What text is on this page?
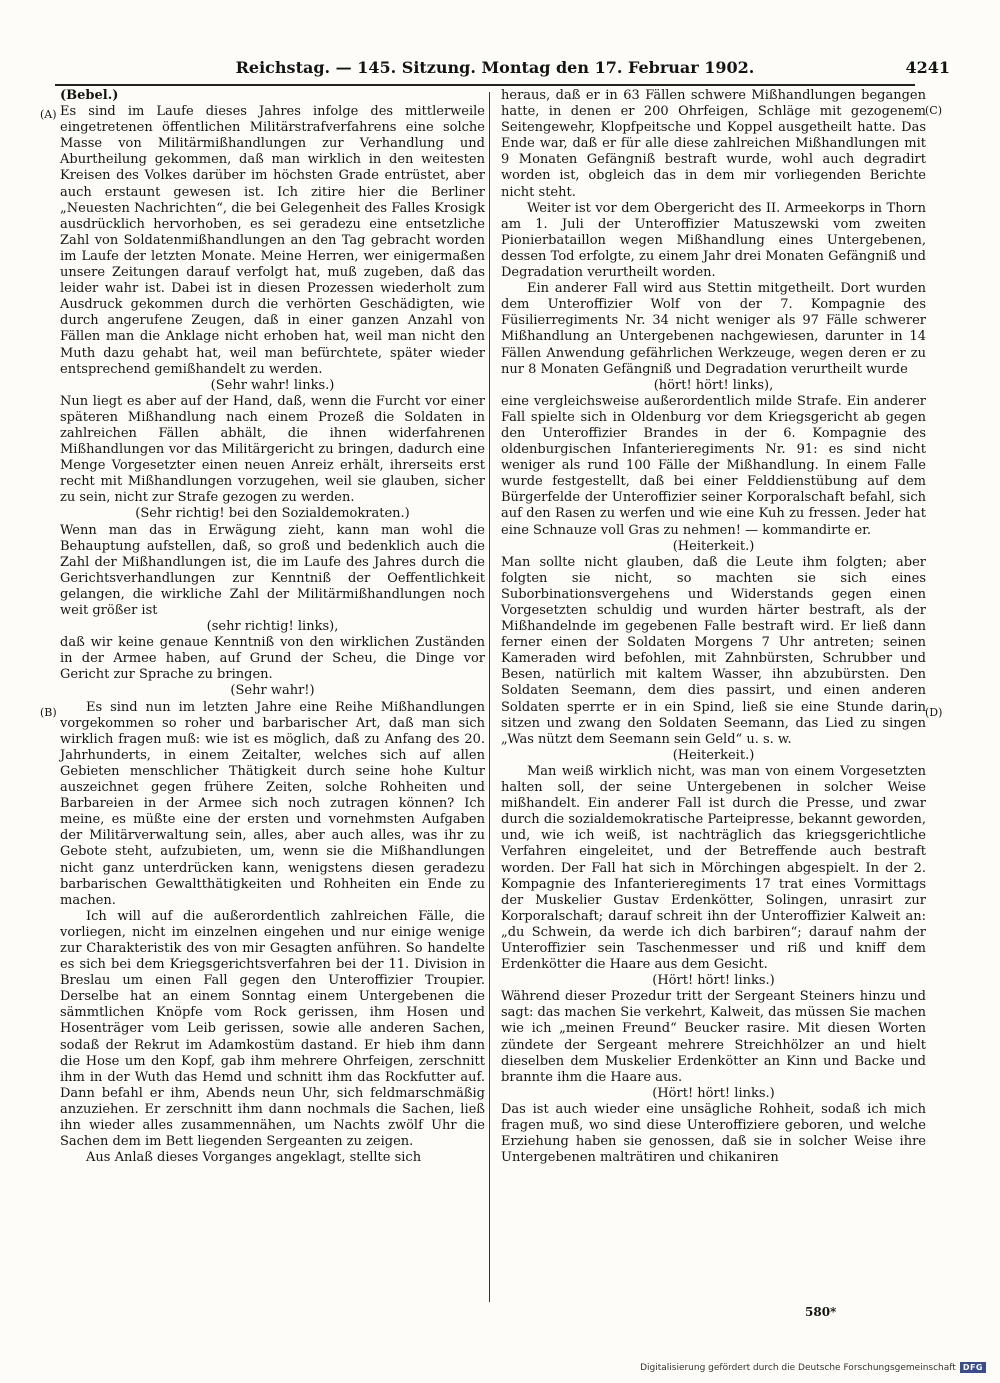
Reichstag. — 145. Sitzung. Montag den 17. Februar 1902.	4241
(A)
(B)
(C)
(D)

(Bebel.)

Es sind im Laufe dieses Jahres infolge des mittlerweile eingetretenen öffentlichen Militärstrafverfahrens eine solche Masse von Militärmißhandlungen zur Verhandlung und Aburtheilung gekommen, daß man wirklich in den weitesten Kreisen des Volkes darüber im höchsten Grade entrüstet, aber auch erstaunt gewesen ist. Ich zitire hier die Berliner „Neuesten Nachrichten“, die bei Gelegenheit des Falles Krosigk ausdrücklich hervorhoben, es sei geradezu eine entsetzliche Zahl von Soldatenmißhandlungen an den Tag gebracht worden im Laufe der letzten Monate. Meine Herren, wer einigermaßen unsere Zeitungen darauf verfolgt hat, muß zugeben, daß das leider wahr ist. Dabei ist in diesen Prozessen wiederholt zum Ausdruck gekommen durch die verhörten Geschädigten, wie durch angerufene Zeugen, daß in einer ganzen Anzahl von Fällen man die Anklage nicht erhoben hat, weil man nicht den Muth dazu gehabt hat, weil man befürchtete, später wieder entsprechend gemißhandelt zu werden.

(Sehr wahr! links.)

Nun liegt es aber auf der Hand, daß, wenn die Furcht vor einer späteren Mißhandlung nach einem Prozeß die Soldaten in zahlreichen Fällen abhält, die ihnen widerfahrenen Mißhandlungen vor das Militärgericht zu bringen, dadurch eine Menge Vorgesetzter einen neuen Anreiz erhält, ihrerseits erst recht mit Mißhandlungen vorzugehen, weil sie glauben, sicher zu sein, nicht zur Strafe gezogen zu werden.

(Sehr richtig! bei den Sozialdemokraten.)

Wenn man das in Erwägung zieht, kann man wohl die Behauptung aufstellen, daß, so groß und bedenklich auch die Zahl der Mißhandlungen ist, die im Laufe des Jahres durch die Gerichtsverhandlungen zur Kenntniß der Oeffentlichkeit gelangen, die wirkliche Zahl der Militärmißhandlungen noch weit größer ist

(sehr richtig! links),

daß wir keine genaue Kenntniß von den wirklichen Zuständen in der Armee haben, auf Grund der Scheu, die Dinge vor Gericht zur Sprache zu bringen.

(Sehr wahr!)

Es sind nun im letzten Jahre eine Reihe Mißhandlungen vorgekommen so roher und barbarischer Art, daß man sich wirklich fragen muß: wie ist es möglich, daß zu Anfang des 20. Jahrhunderts, in einem Zeitalter, welches sich auf allen Gebieten menschlicher Thätigkeit durch seine hohe Kultur auszeichnet gegen frühere Zeiten, solche Rohheiten und Barbareien in der Armee sich noch zutragen können? Ich meine, es müßte eine der ersten und vornehmsten Aufgaben der Militärverwaltung sein, alles, aber auch alles, was ihr zu Gebote steht, aufzubieten, um, wenn sie die Mißhandlungen nicht ganz unterdrücken kann, wenigstens diesen geradezu barbarischen Gewaltthätigkeiten und Rohheiten ein Ende zu machen.

Ich will auf die außerordentlich zahlreichen Fälle, die vorliegen, nicht im einzelnen eingehen und nur einige wenige zur Charakteristik des von mir Gesagten anführen. So handelte es sich bei dem Kriegsgerichtsverfahren bei der 11. Division in Breslau um einen Fall gegen den Unteroffizier Troupier. Derselbe hat an einem Sonntag einem Untergebenen die sämmtlichen Knöpfe vom Rock gerissen, ihm Hosen und Hosenträger vom Leib gerissen, sowie alle anderen Sachen, sodaß der Rekrut im Adamkostüm dastand. Er hieb ihm dann die Hose um den Kopf, gab ihm mehrere Ohrfeigen, zerschnitt ihm in der Wuth das Hemd und schnitt ihm das Rockfutter auf. Dann befahl er ihm, Abends neun Uhr, sich feldmarschmäßig anzuziehen. Er zerschnitt ihm dann nochmals die Sachen, ließ ihn wieder alles zusammennähen, um Nachts zwölf Uhr die Sachen dem im Bett liegenden Sergeanten zu zeigen.

Aus Anlaß dieses Vorganges angeklagt, stellte sich

heraus, daß er in 63 Fällen schwere Mißhandlungen begangen hatte, in denen er 200 Ohrfeigen, Schläge mit gezogenem Seitengewehr, Klopfpeitsche und Koppel ausgetheilt hatte. Das Ende war, daß er für alle diese zahlreichen Mißhandlungen mit 9 Monaten Gefängniß bestraft wurde, wohl auch degradirt worden ist, obgleich das in dem mir vorliegenden Berichte nicht steht.

Weiter ist vor dem Obergericht des II. Armeekorps in Thorn am 1. Juli der Unteroffizier Matuszewski vom zweiten Pionierbataillon wegen Mißhandlung eines Untergebenen, dessen Tod erfolgte, zu einem Jahr drei Monaten Gefängniß und Degradation verurtheilt worden.

Ein anderer Fall wird aus Stettin mitgetheilt. Dort wurden dem Unteroffizier Wolf von der 7. Kompagnie des Füsilierregiments Nr. 34 nicht weniger als 97 Fälle schwerer Mißhandlung an Untergebenen nachgewiesen, darunter in 14 Fällen Anwendung gefährlichen Werkzeuge, wegen deren er zu nur 8 Monaten Gefängniß und Degradation verurtheilt wurde

(hört! hört! links),

eine vergleichsweise außerordentlich milde Strafe. Ein anderer Fall spielte sich in Oldenburg vor dem Kriegsgericht ab gegen den Unteroffizier Brandes in der 6. Kompagnie des oldenburgischen Infanterieregiments Nr. 91: es sind nicht weniger als rund 100 Fälle der Mißhandlung. In einem Falle wurde festgestellt, daß bei einer Felddienstübung auf dem Bürgerfelde der Unteroffizier seiner Korporalschaft befahl, sich auf den Rasen zu werfen und wie eine Kuh zu fressen. Jeder hat eine Schnauze voll Gras zu nehmen! — kommandirte er.

(Heiterkeit.)

Man sollte nicht glauben, daß die Leute ihm folgten; aber folgten sie nicht, so machten sie sich eines Suborbinationsvergehens und Widerstands gegen einen Vorgesetzten schuldig und wurden härter bestraft, als der Mißhandelnde im gegebenen Falle bestraft wird. Er ließ dann ferner einen der Soldaten Morgens 7 Uhr antreten; seinen Kameraden wird befohlen, mit Zahnbürsten, Schrubber und Besen, natürlich mit kaltem Wasser, ihn abzubürsten. Den Soldaten Seemann, dem dies passirt, und einen anderen Soldaten sperrte er in ein Spind, ließ sie eine Stunde darin sitzen und zwang den Soldaten Seemann, das Lied zu singen „Was nützt dem Seemann sein Geld“ u. s. w.

(Heiterkeit.)

Man weiß wirklich nicht, was man von einem Vorgesetzten halten soll, der seine Untergebenen in solcher Weise mißhandelt. Ein anderer Fall ist durch die Presse, und zwar durch die sozialdemokratische Parteipresse, bekannt geworden, und, wie ich weiß, ist nachträglich das kriegsgerichtliche Verfahren eingeleitet, und der Betreffende auch bestraft worden. Der Fall hat sich in Mörchingen abgespielt. In der 2. Kompagnie des Infanterieregiments 17 trat eines Vormittags der Muskelier Gustav Erdenkötter, Solingen, unrasirt zur Korporalschaft; darauf schreit ihn der Unteroffizier Kalweit an: „du Schwein, da werde ich dich barbiren“; darauf nahm der Unteroffizier sein Taschenmesser und riß und kniff dem Erdenkötter die Haare aus dem Gesicht.

(Hört! hört! links.)

Während dieser Prozedur tritt der Sergeant Steiners hinzu und sagt: das machen Sie verkehrt, Kalweit, das müssen Sie machen wie ich „meinen Freund“ Beucker rasire. Mit diesen Worten zündete der Sergeant mehrere Streichhölzer an und hielt dieselben dem Muskelier Erdenkötter an Kinn und Backe und brannte ihm die Haare aus.

(Hört! hört! links.)

Das ist auch wieder eine unsägliche Rohheit, sodaß ich mich fragen muß, wo sind diese Unteroffiziere geboren, und welche Erziehung haben sie genossen, daß sie in solcher Weise ihre Untergebenen malträtiren und chikaniren

580*
Digitalisierung gefördert durch die Deutsche Forschungsgemeinschaft DFG
